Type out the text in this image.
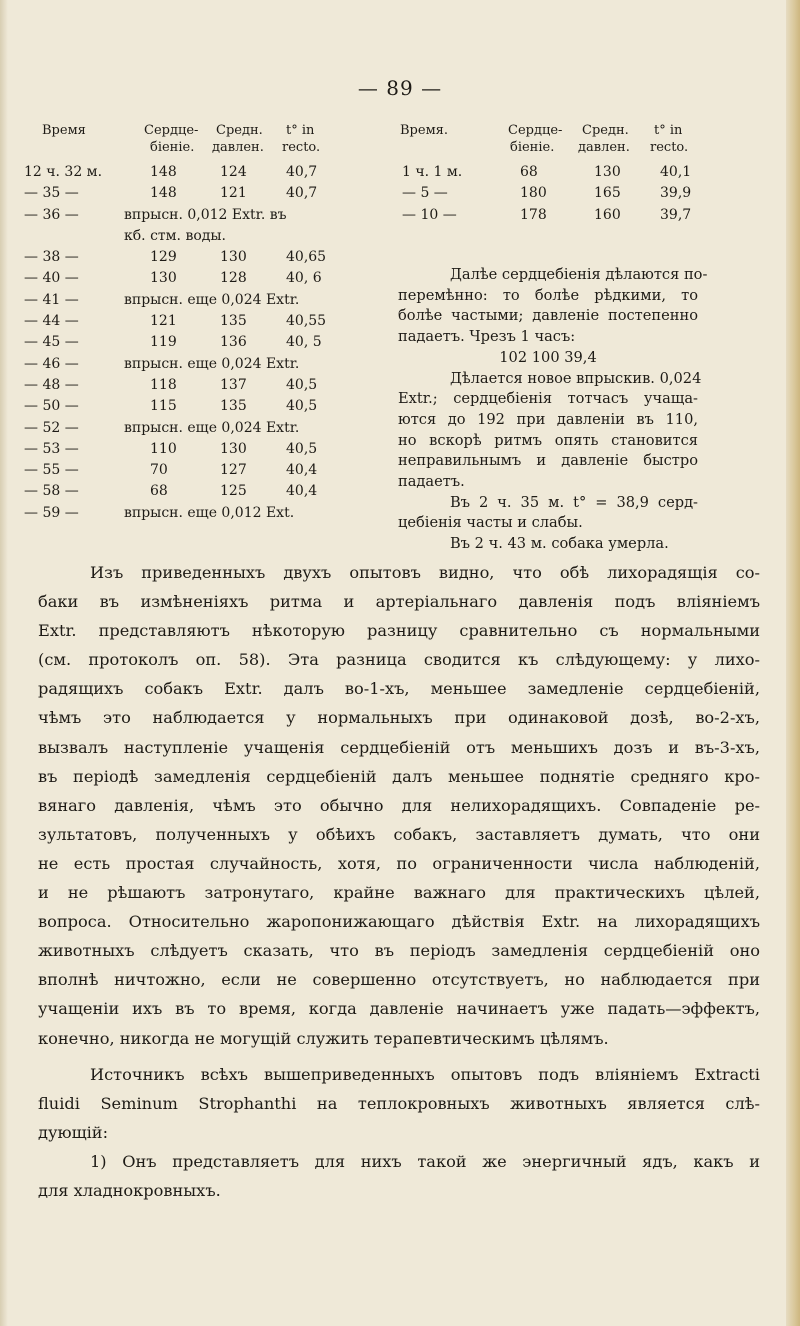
— 89 —
Время	Сердце- Средн. t° in
біеніе. давлен. recto.
12 ч. 32 м.	148	124	40,7
— 35 —	148	121	40,7
— 36 —	впрысн. 0,012 Ехtr. въ
кб. стм. воды.
— 38 —	129	130	40,65
— 40 —	130	128	40, 6
— 41 —	впрысн. еще 0,024 Ехtr.
— 44 —	121	135	40,55
— 45 —	119	136	40, 5
— 46 —	впрысн. еще 0,024 Ехtr.
— 48 —	118	137	40,5
— 50 —	115	135	40,5
— 52 —	впрысн. еще 0,024 Ехtr.
— 53 —	110	130	40,5
— 55 —	70	127	40,4
— 58 —	68	125	40,4
— 59 —	впрысн. еще 0,012 Ехt.
Время.	Сердце- Средн. t° in
біеніе. давлен. recto.
1 ч. 1 м.	68	130	40,1
— 5 —	180	165	39,9
— 10 —	178	160	39,7
Далѣе сердцебіенія дѣлаются по-
перемѣнно: то болѣе рѣдкими, то
болѣе частыми; давленіе постепенно
падаетъ. Чрезъ 1 часъ:
102 100 39,4
Дѣлается новое впрыскив. 0,024
Ехtr.; сердцебіенія тотчасъ учаща-
ются до 192 при давленіи въ 110,
но вскорѣ ритмъ опять становится
неправильнымъ и давленіе быстро
падаетъ.
Въ 2 ч. 35 м. t° = 38,9 серд-
цебіенія часты и слабы.
Въ 2 ч. 43 м. собака умерла.
Изъ приведенныхъ двухъ опытовъ видно, что обѣ лихорадящія со-
баки въ измѣненіяхъ ритма и артеріальнаго давленія подъ вліяніемъ
Ехtr. представляютъ нѣкоторую разницу сравнительно съ нормальными
(см. протоколъ оп. 58). Эта разница сводится къ слѣдующему: у лихо-
радящихъ собакъ Ехtr. далъ во-1-хъ, меньшее замедленіе сердцебіеній,
чѣмъ это наблюдается у нормальныхъ при одинаковой дозѣ, во-2-хъ,
вызвалъ наступленіе учащенія сердцебіеній отъ меньшихъ дозъ и въ-3-хъ,
въ періодѣ замедленія сердцебіеній далъ меньшее поднятіе средняго кро-
вянаго давленія, чѣмъ это обычно для нелихорадящихъ. Совпаденіе ре-
зультатовъ, полученныхъ у обѣихъ собакъ, заставляетъ думать, что они
не есть простая случайность, хотя, по ограниченности числа наблюденій,
и не рѣшаютъ затронутаго, крайне важнаго для практическихъ цѣлей,
вопроса. Относительно жаропонижающаго дѣйствія Ехtr. на лихорадящихъ
животныхъ слѣдуетъ сказать, что въ періодъ замедленія сердцебіеній оно
вполнѣ ничтожно, если не совершенно отсутствуетъ, но наблюдается при
учащеніи ихъ въ то время, когда давленіе начинаетъ уже падать—эффектъ,
конечно, никогда не могущій служить терапевтическимъ цѣлямъ.
Источникъ всѣхъ вышеприведенныхъ опытовъ подъ вліяніемъ Ехtracti
fluidi Seminum Strophanthi на теплокровныхъ животныхъ является слѣ-
дующій:
1) Онъ представляетъ для нихъ такой же энергичный ядъ, какъ и
для хладнокровныхъ.
